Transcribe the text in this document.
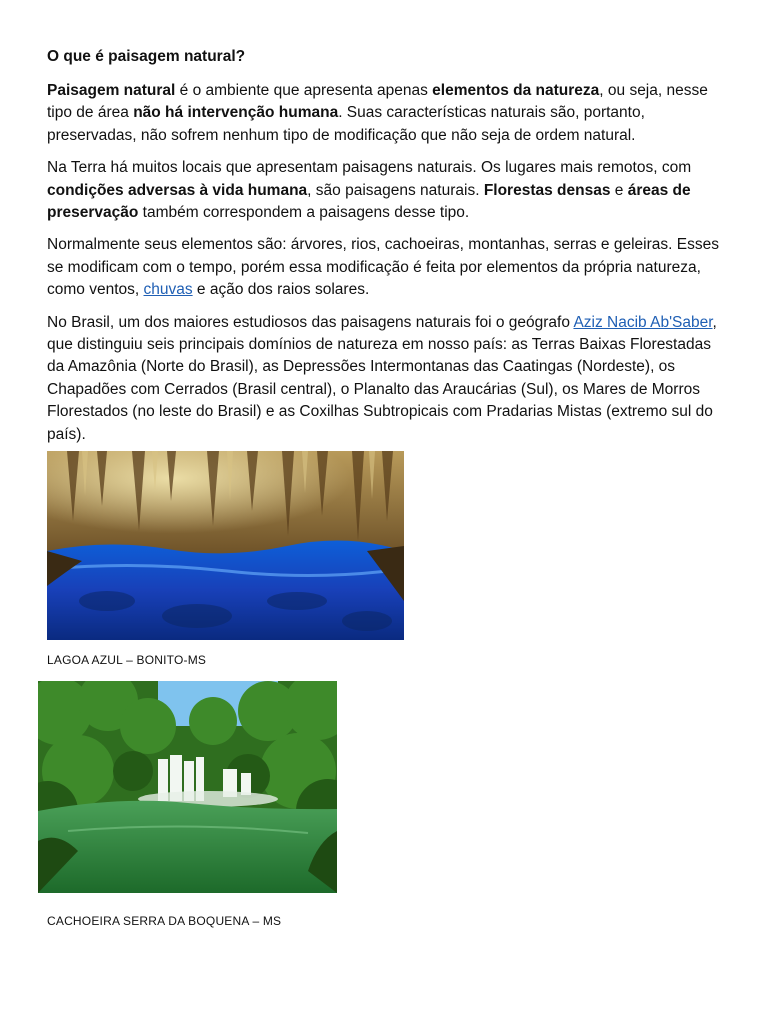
O que é paisagem natural?

Paisagem natural é o ambiente que apresenta apenas elementos da natureza, ou seja, nesse tipo de área não há intervenção humana. Suas características naturais são, portanto, preservadas, não sofrem nenhum tipo de modificação que não seja de ordem natural.

Na Terra há muitos locais que apresentam paisagens naturais. Os lugares mais remotos, com condições adversas à vida humana, são paisagens naturais. Florestas densas e áreas de preservação também correspondem a paisagens desse tipo.

Normalmente seus elementos são: árvores, rios, cachoeiras, montanhas, serras e geleiras. Esses se modificam com o tempo, porém essa modificação é feita por elementos da própria natureza, como ventos, chuvas e ação dos raios solares.

No Brasil, um dos maiores estudiosos das paisagens naturais foi o geógrafo Aziz Nacib Ab'Saber, que distinguiu seis principais domínios de natureza em nosso país: as Terras Baixas Florestadas da Amazônia (Norte do Brasil), as Depressões Intermontanas das Caatingas (Nordeste), os Chapadões com Cerrados (Brasil central), o Planalto das Araucárias (Sul), os Mares de Morros Florestados (no leste do Brasil) e as Coxilhas Subtropicais com Pradarias Mistas (extremo sul do país).

LAGOA AZUL – BONITO-MS
CACHOEIRA SERRA DA BOQUENA – MS
